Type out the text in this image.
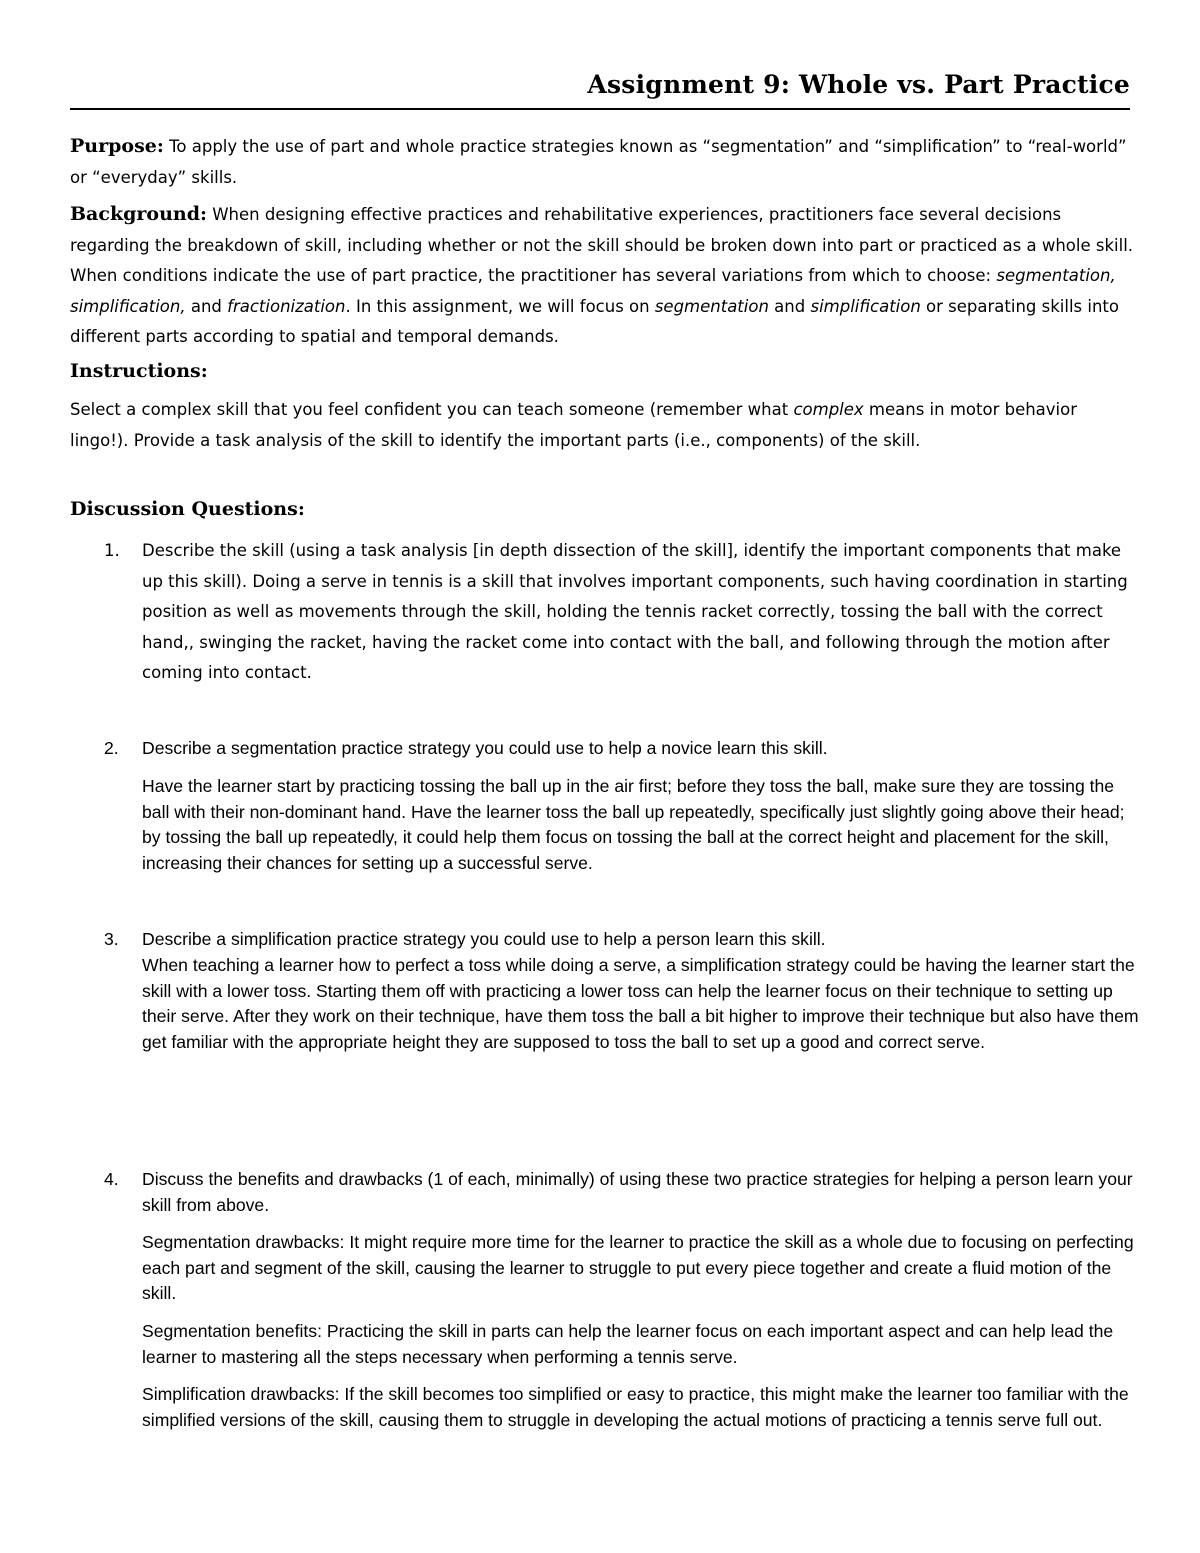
Assignment 9: Whole vs. Part Practice

Purpose: To apply the use of part and whole practice strategies known as “segmentation” and “simplification” to “real-world” or “everyday” skills.

Background: When designing effective practices and rehabilitative experiences, practitioners face several decisions regarding the breakdown of skill, including whether or not the skill should be broken down into part or practiced as a whole skill. When conditions indicate the use of part practice, the practitioner has several variations from which to choose: segmentation, simplification, and fractionization. In this assignment, we will focus on segmentation and simplification or separating skills into different parts according to spatial and temporal demands.

Instructions:

Select a complex skill that you feel confident you can teach someone (remember what complex means in motor behavior lingo!). Provide a task analysis of the skill to identify the important parts (i.e., components) of the skill.

Discussion Questions:
1. Describe the skill (using a task analysis [in depth dissection of the skill], identify the important components that make up this skill). Doing a serve in tennis is a skill that involves important components, such having coordination in starting position as well as movements through the skill, holding the tennis racket correctly, tossing the ball with the correct hand,, swinging the racket, having the racket come into contact with the ball, and following through the motion after coming into contact.

2. Describe a segmentation practice strategy you could use to help a novice learn this skill.

Have the learner start by practicing tossing the ball up in the air first; before they toss the ball, make sure they are tossing the ball with their non-dominant hand. Have the learner toss the ball up repeatedly, specifically just slightly going above their head; by tossing the ball up repeatedly, it could help them focus on tossing the ball at the correct height and placement for the skill, increasing their chances for setting up a successful serve.

3. Describe a simplification practice strategy you could use to help a person learn this skill.

When teaching a learner how to perfect a toss while doing a serve, a simplification strategy could be having the learner start the skill with a lower toss. Starting them off with practicing a lower toss can help the learner focus on their technique to setting up their serve. After they work on their technique, have them toss the ball a bit higher to improve their technique but also have them get familiar with the appropriate height they are supposed to toss the ball to set up a good and correct serve.

4. Discuss the benefits and drawbacks (1 of each, minimally) of using these two practice strategies for helping a person learn your skill from above.

Segmentation drawbacks: It might require more time for the learner to practice the skill as a whole due to focusing on perfecting each part and segment of the skill, causing the learner to struggle to put every piece together and create a fluid motion of the skill.

Segmentation benefits: Practicing the skill in parts can help the learner focus on each important aspect and can help lead the learner to mastering all the steps necessary when performing a tennis serve.

Simplification drawbacks: If the skill becomes too simplified or easy to practice, this might make the learner too familiar with the simplified versions of the skill, causing them to struggle in developing the actual motions of practicing a tennis serve full out.
